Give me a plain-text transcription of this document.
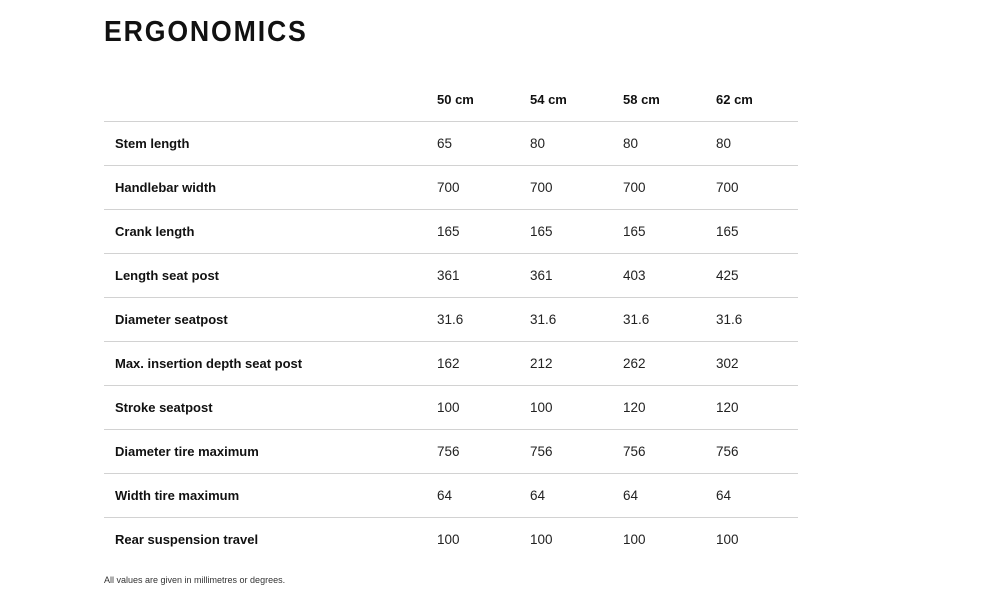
ERGONOMICS
	50 cm	54 cm	58 cm	62 cm
Stem length	65	80	80	80
Handlebar width	700	700	700	700
Crank length	165	165	165	165
Length seat post	361	361	403	425
Diameter seatpost	31.6	31.6	31.6	31.6
Max. insertion depth seat post	162	212	262	302
Stroke seatpost	100	100	120	120
Diameter tire maximum	756	756	756	756
Width tire maximum	64	64	64	64
Rear suspension travel	100	100	100	100

All values are given in millimetres or degrees.
